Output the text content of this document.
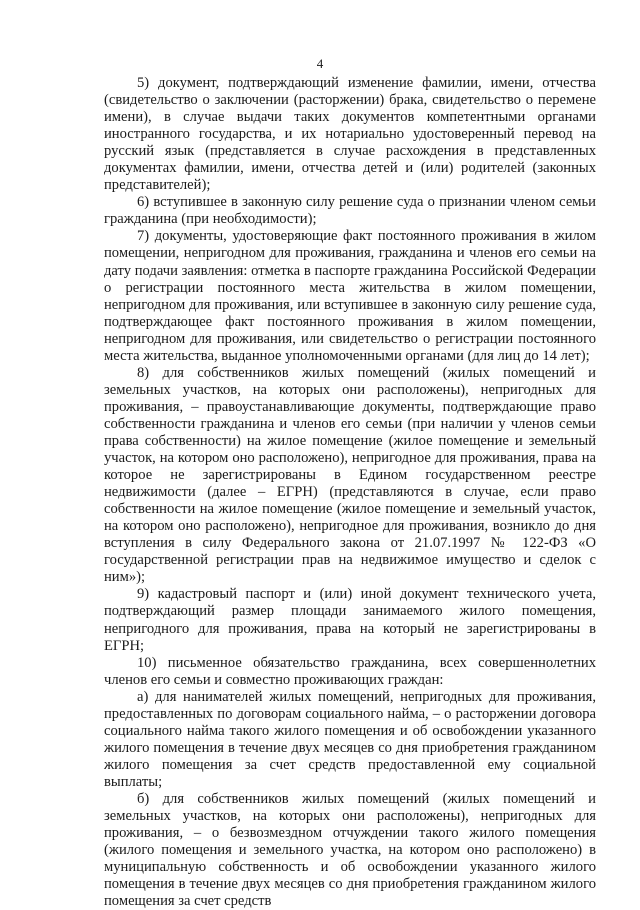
4

5) документ, подтверждающий изменение фамилии, имени, отчества (свидетельство о заключении (расторжении) брака, свидетельство о перемене имени), в случае выдачи таких документов компетентными органами иностранного государства, и их нотариально удостоверенный перевод на русский язык (представляется в случае расхождения в представленных документах фамилии, имени, отчества детей и (или) родителей (законных представителей);

6) вступившее в законную силу решение суда о признании членом семьи гражданина (при необходимости);

7) документы, удостоверяющие факт постоянного проживания в жилом помещении, непригодном для проживания, гражданина и членов его семьи на дату подачи заявления: отметка в паспорте гражданина Российской Федерации о регистрации постоянного места жительства в жилом помещении, непригодном для проживания, или вступившее в законную силу решение суда, подтверждающее факт постоянного проживания в жилом помещении, непригодном для проживания, или свидетельство о регистрации постоянного места жительства, выданное уполномоченными органами (для лиц до 14 лет);

8) для собственников жилых помещений (жилых помещений и земельных участков, на которых они расположены), непригодных для проживания, – правоустанавливающие документы, подтверждающие право собственности гражданина и членов его семьи (при наличии у членов семьи права собственности) на жилое помещение (жилое помещение и земельный участок, на котором оно расположено), непригодное для проживания, права на которое не зарегистрированы в Едином государственном реестре недвижимости (далее – ЕГРН) (представляются в случае, если право собственности на жилое помещение (жилое помещение и земельный участок, на котором оно расположено), непригодное для проживания, возникло до дня вступления в силу Федерального закона от 21.07.1997 № 122-ФЗ «О государственной регистрации прав на недвижимое имущество и сделок с ним»);

9) кадастровый паспорт и (или) иной документ технического учета, подтверждающий размер площади занимаемого жилого помещения, непригодного для проживания, права на который не зарегистрированы в ЕГРН;

10) письменное обязательство гражданина, всех совершеннолетних членов его семьи и совместно проживающих граждан:

а) для нанимателей жилых помещений, непригодных для проживания, предоставленных по договорам социального найма, – о расторжении договора социального найма такого жилого помещения и об освобождении указанного жилого помещения в течение двух месяцев со дня приобретения гражданином жилого помещения за счет средств предоставленной ему социальной выплаты;

б) для собственников жилых помещений (жилых помещений и земельных участков, на которых они расположены), непригодных для проживания, – о безвозмездном отчуждении такого жилого помещения (жилого помещения и земельного участка, на котором оно расположено) в муниципальную собственность и об освобождении указанного жилого помещения в течение двух месяцев со дня приобретения гражданином жилого помещения за счет средств
